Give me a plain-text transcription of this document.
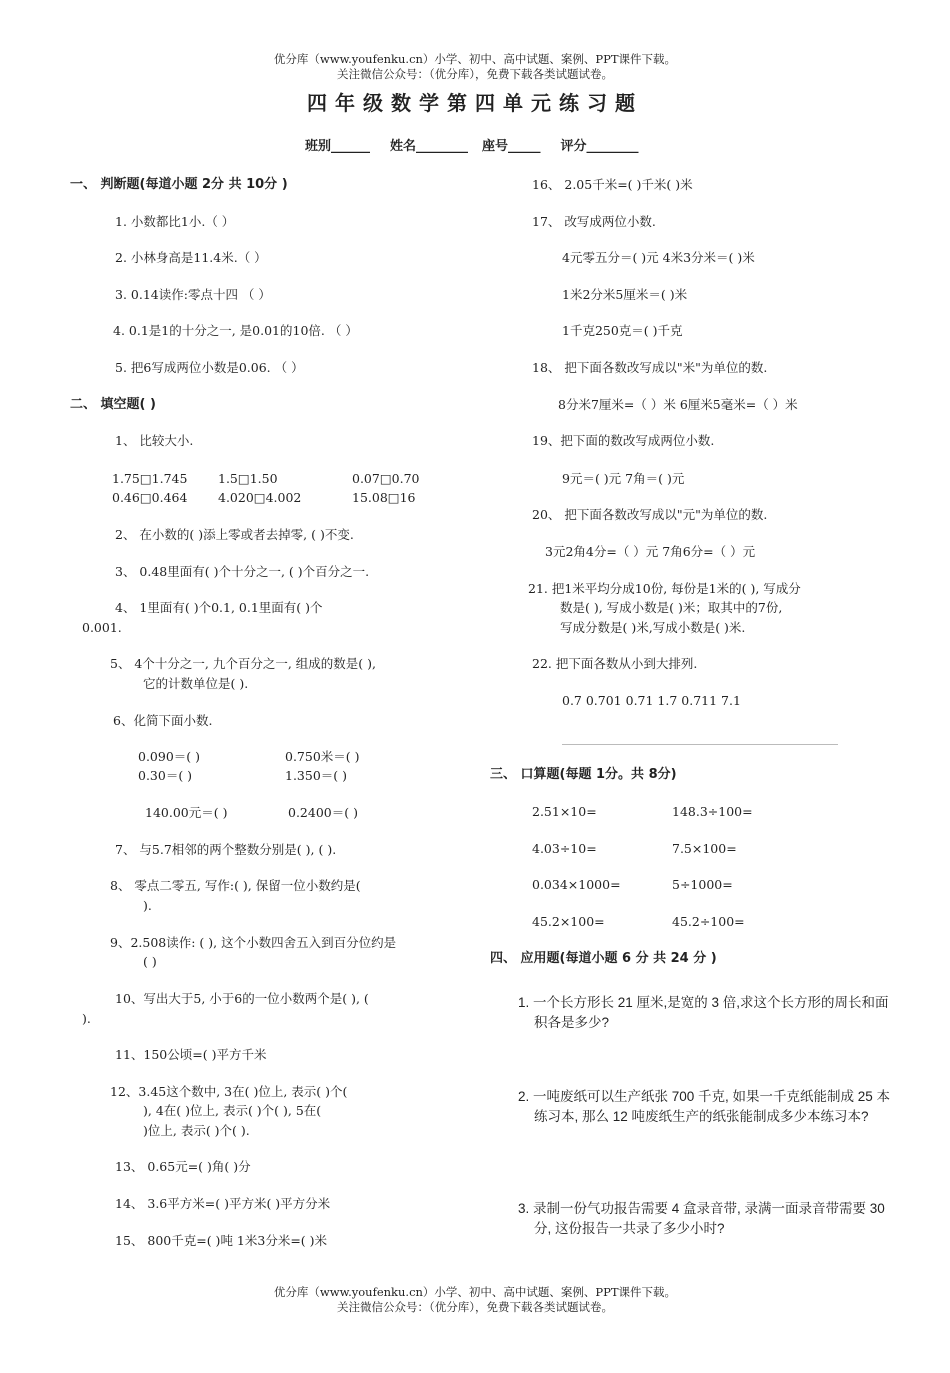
优分库（www.youfenku.cn）小学、初中、高中试题、案例、PPT课件下载。
关注微信公众号：（优分库），免费下载各类试题试卷。
四年级数学第四单元练习题
班别______ 姓名________ 座号_____ 评分________
一、 判断题(每道小题 2分 共 10分 )
1. 小数都比1小.（ ）
2. 小林身高是11.4米.（ ）
3. 0.14读作:零点十四 （ ）
4. 0.1是1的十分之一, 是0.01的10倍. （ ）
5. 把6写成两位小数是0.06. （ ）
二、 填空题( )
1、 比较大小.
1.75□1.745 1.5□1.50	0.07□0.70
0.46□0.464 4.020□4.002	15.08□16
2、 在小数的( )添上零或者去掉零, ( )不变.
3、 0.48里面有( )个十分之一, ( )个百分之一.
4、 1里面有( )个0.1, 0.1里面有( )个
0.001.
5、 4个十分之一, 九个百分之一, 组成的数是( ),
它的计数单位是( ).
6、化简下面小数.
0.090＝( )	0.750米＝( )
0.30＝( )	1.350＝( )
140.00元＝( )	0.2400＝( )
7、 与5.7相邻的两个整数分别是( ), ( ).
8、 零点二零五, 写作:( ), 保留一位小数约是(
).
9、2.508读作: ( ), 这个小数四舍五入到百分位约是
( )
10、写出大于5, 小于6的一位小数两个是( ), (
).
11、150公顷=( )平方千米
12、3.45这个数中, 3在( )位上, 表示( )个(
), 4在( )位上, 表示( )个( ), 5在(
)位上, 表示( )个( ).
13、 0.65元=( )角( )分
14、 3.6平方米=( )平方米( )平方分米
15、 800千克=( )吨 1米3分米=( )米
16、 2.05千米=( )千米( )米
17、 改写成两位小数.
4元零五分＝( )元 4米3分米＝( )米
1米2分米5厘米＝( )米
1千克250克＝( )千克
18、 把下面各数改写成以"米"为单位的数.
8分米7厘米=（ ）米 6厘米5毫米=（ ）米
19、把下面的数改写成两位小数.
9元＝( )元 7角＝( )元
20、 把下面各数改写成以"元"为单位的数.
3元2角4分=（ ）元 7角6分=（ ）元
21. 把1米平均分成10份, 每份是1米的( ), 写成分
数是( ), 写成小数是( )米；取其中的7份,
写成分数是( )米,写成小数是( )米.
22. 把下面各数从小到大排列.
0.7 0.701 0.71 1.7 0.711 7.1
三、 口算题(每题 1分。共 8分)
2.51×10=	148.3÷100=
4.03÷10=	7.5×100=
0.034×1000=	5÷1000=
45.2×100=	45.2÷100=
四、 应用题(每道小题 6 分 共 24 分 )
1. 一个长方形长 21 厘米,是宽的 3 倍,求这个长方形的周长和面积各是多少?
2. 一吨废纸可以生产纸张 700 千克, 如果一千克纸能制成 25 本练习本, 那么 12 吨废纸生产的纸张能制成多少本练习本?
3. 录制一份气功报告需要 4 盒录音带, 录满一面录音带需要 30 分, 这份报告一共录了多少小时?
优分库（www.youfenku.cn）小学、初中、高中试题、案例、PPT课件下载。
关注微信公众号：（优分库），免费下载各类试题试卷。
